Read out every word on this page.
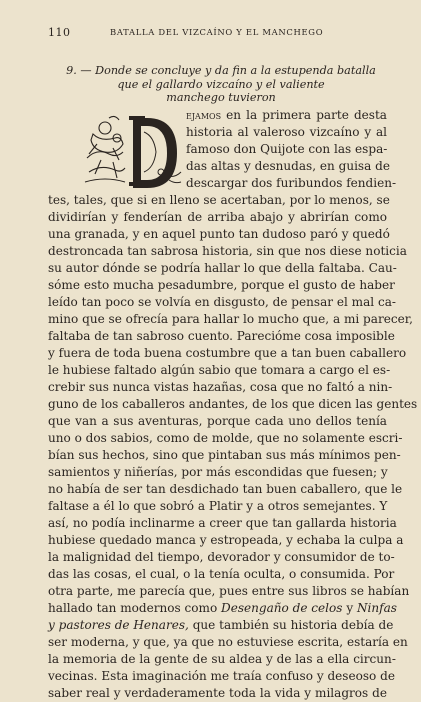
110	BATALLA DEL VIZCAÍNO Y EL MANCHEGO
9. — Donde se concluye y da fin a la estupenda batalla
que el gallardo vizcaíno y el valiente
manchego tuvieron
ejamos en la primera parte desta
historia al valeroso vizcaíno y al
famoso don Quijote con las espa-
das altas y desnudas, en guisa de
descargar dos furibundos fendien-
tes, tales, que si en lleno se acertaban, por lo menos, se
dividirían y fenderían de arriba abajo y abrirían como
una granada, y en aquel punto tan dudoso paró y quedó
destroncada tan sabrosa historia, sin que nos diese noticia
su autor dónde se podría hallar lo que della faltaba. Cau-
sóme esto mucha pesadumbre, porque el gusto de haber
leído tan poco se volvía en disgusto, de pensar el mal ca-
mino que se ofrecía para hallar lo mucho que, a mi parecer,
faltaba de tan sabroso cuento. Parecióme cosa imposible
y fuera de toda buena costumbre que a tan buen caballero
le hubiese faltado algún sabio que tomara a cargo el es-
crebir sus nunca vistas hazañas, cosa que no faltó a nin-
guno de los caballeros andantes, de los que dicen las gentes
que van a sus aventuras, porque cada uno dellos tenía
uno o dos sabios, como de molde, que no solamente escri-
bían sus hechos, sino que pintaban sus más mínimos pen-
samientos y niñerías, por más escondidas que fuesen; y
no había de ser tan desdichado tan buen caballero, que le
faltase a él lo que sobró a Platir y a otros semejantes. Y
así, no podía inclinarme a creer que tan gallarda historia
hubiese quedado manca y estropeada, y echaba la culpa a
la malignidad del tiempo, devorador y consumidor de to-
das las cosas, el cual, o la tenía oculta, o consumida. Por
otra parte, me parecía que, pues entre sus libros se habían
hallado tan modernos como Desengaño de celos y Ninfas
y pastores de Henares, que también su historia debía de
ser moderna, y que, ya que no estuviese escrita, estaría en
la memoria de la gente de su aldea y de las a ella circun-
vecinas. Esta imaginación me traía confuso y deseoso de
saber real y verdaderamente toda la vida y milagros de
